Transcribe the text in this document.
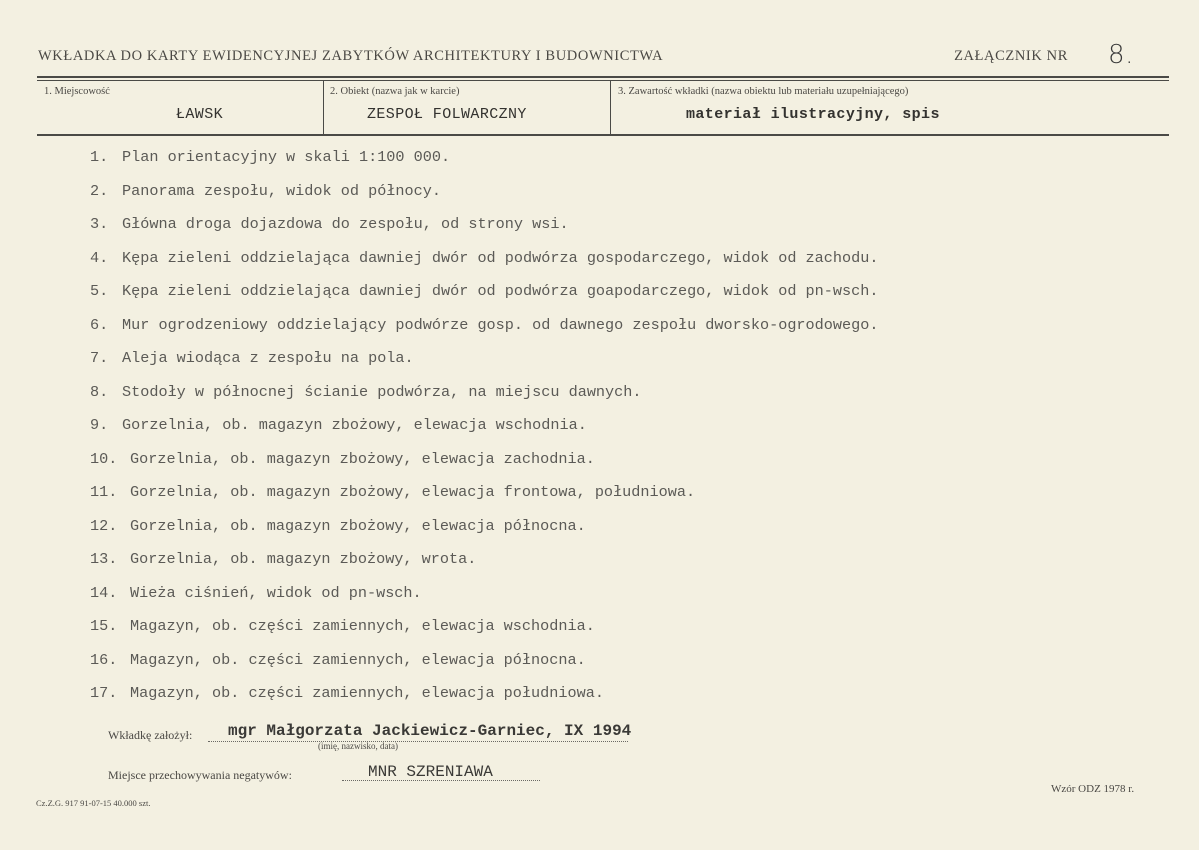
WKŁADKA DO KARTY EWIDENCYJNEJ ZABYTKÓW ARCHITEKTURY I BUDOWNICTWA	ZAŁĄCZNIK NR 8.
1. Miejscowość
ŁAWSK
2. Obiekt (nazwa jak w karcie)
ZESPOŁ FOLWARCZNY
3. Zawartość wkładki (nazwa obiektu lub materiału uzupełniającego)
materiał ilustracyjny, spis
1. Plan orientacyjny w skali 1:100 000.
2. Panorama zespołu, widok od północy.
3. Główna droga dojazdowa do zespołu, od strony wsi.
4. Kępa zieleni oddzielająca dawniej dwór od podwórza gospodarczego, widok od zachodu.
5. Kępa zieleni oddzielająca dawniej dwór od podwórza goapodarczego, widok od pn-wsch.
6. Mur ogrodzeniowy oddzielający podwórze gosp. od dawnego zespołu dworsko-ogrodowego.
7. Aleja wiodąca z zespołu na pola.
8. Stodoły w północnej ścianie podwórza, na miejscu dawnych.
9. Gorzelnia, ob. magazyn zbożowy, elewacja wschodnia.
10. Gorzelnia, ob. magazyn zbożowy, elewacja zachodnia.
11. Gorzelnia, ob. magazyn zbożowy, elewacja frontowa, południowa.
12. Gorzelnia, ob. magazyn zbożowy, elewacja północna.
13. Gorzelnia, ob. magazyn zbożowy, wrota.
14. Wieża ciśnień, widok od pn-wsch.
15. Magazyn, ob. części zamiennych, elewacja wschodnia.
16. Magazyn, ob. części zamiennych, elewacja północna.
17. Magazyn, ob. części zamiennych, elewacja południowa.
Wkładkę założył: mgr Małgorzata Jackiewicz-Garniec, IX 1994
(imię, nazwisko, data)
Miejsce przechowywania negatywów:	MNR SZRENIAWA
Cz.Z.G. 917 91-07-15 40.000 szt.
Wzór ODZ 1978 r.
